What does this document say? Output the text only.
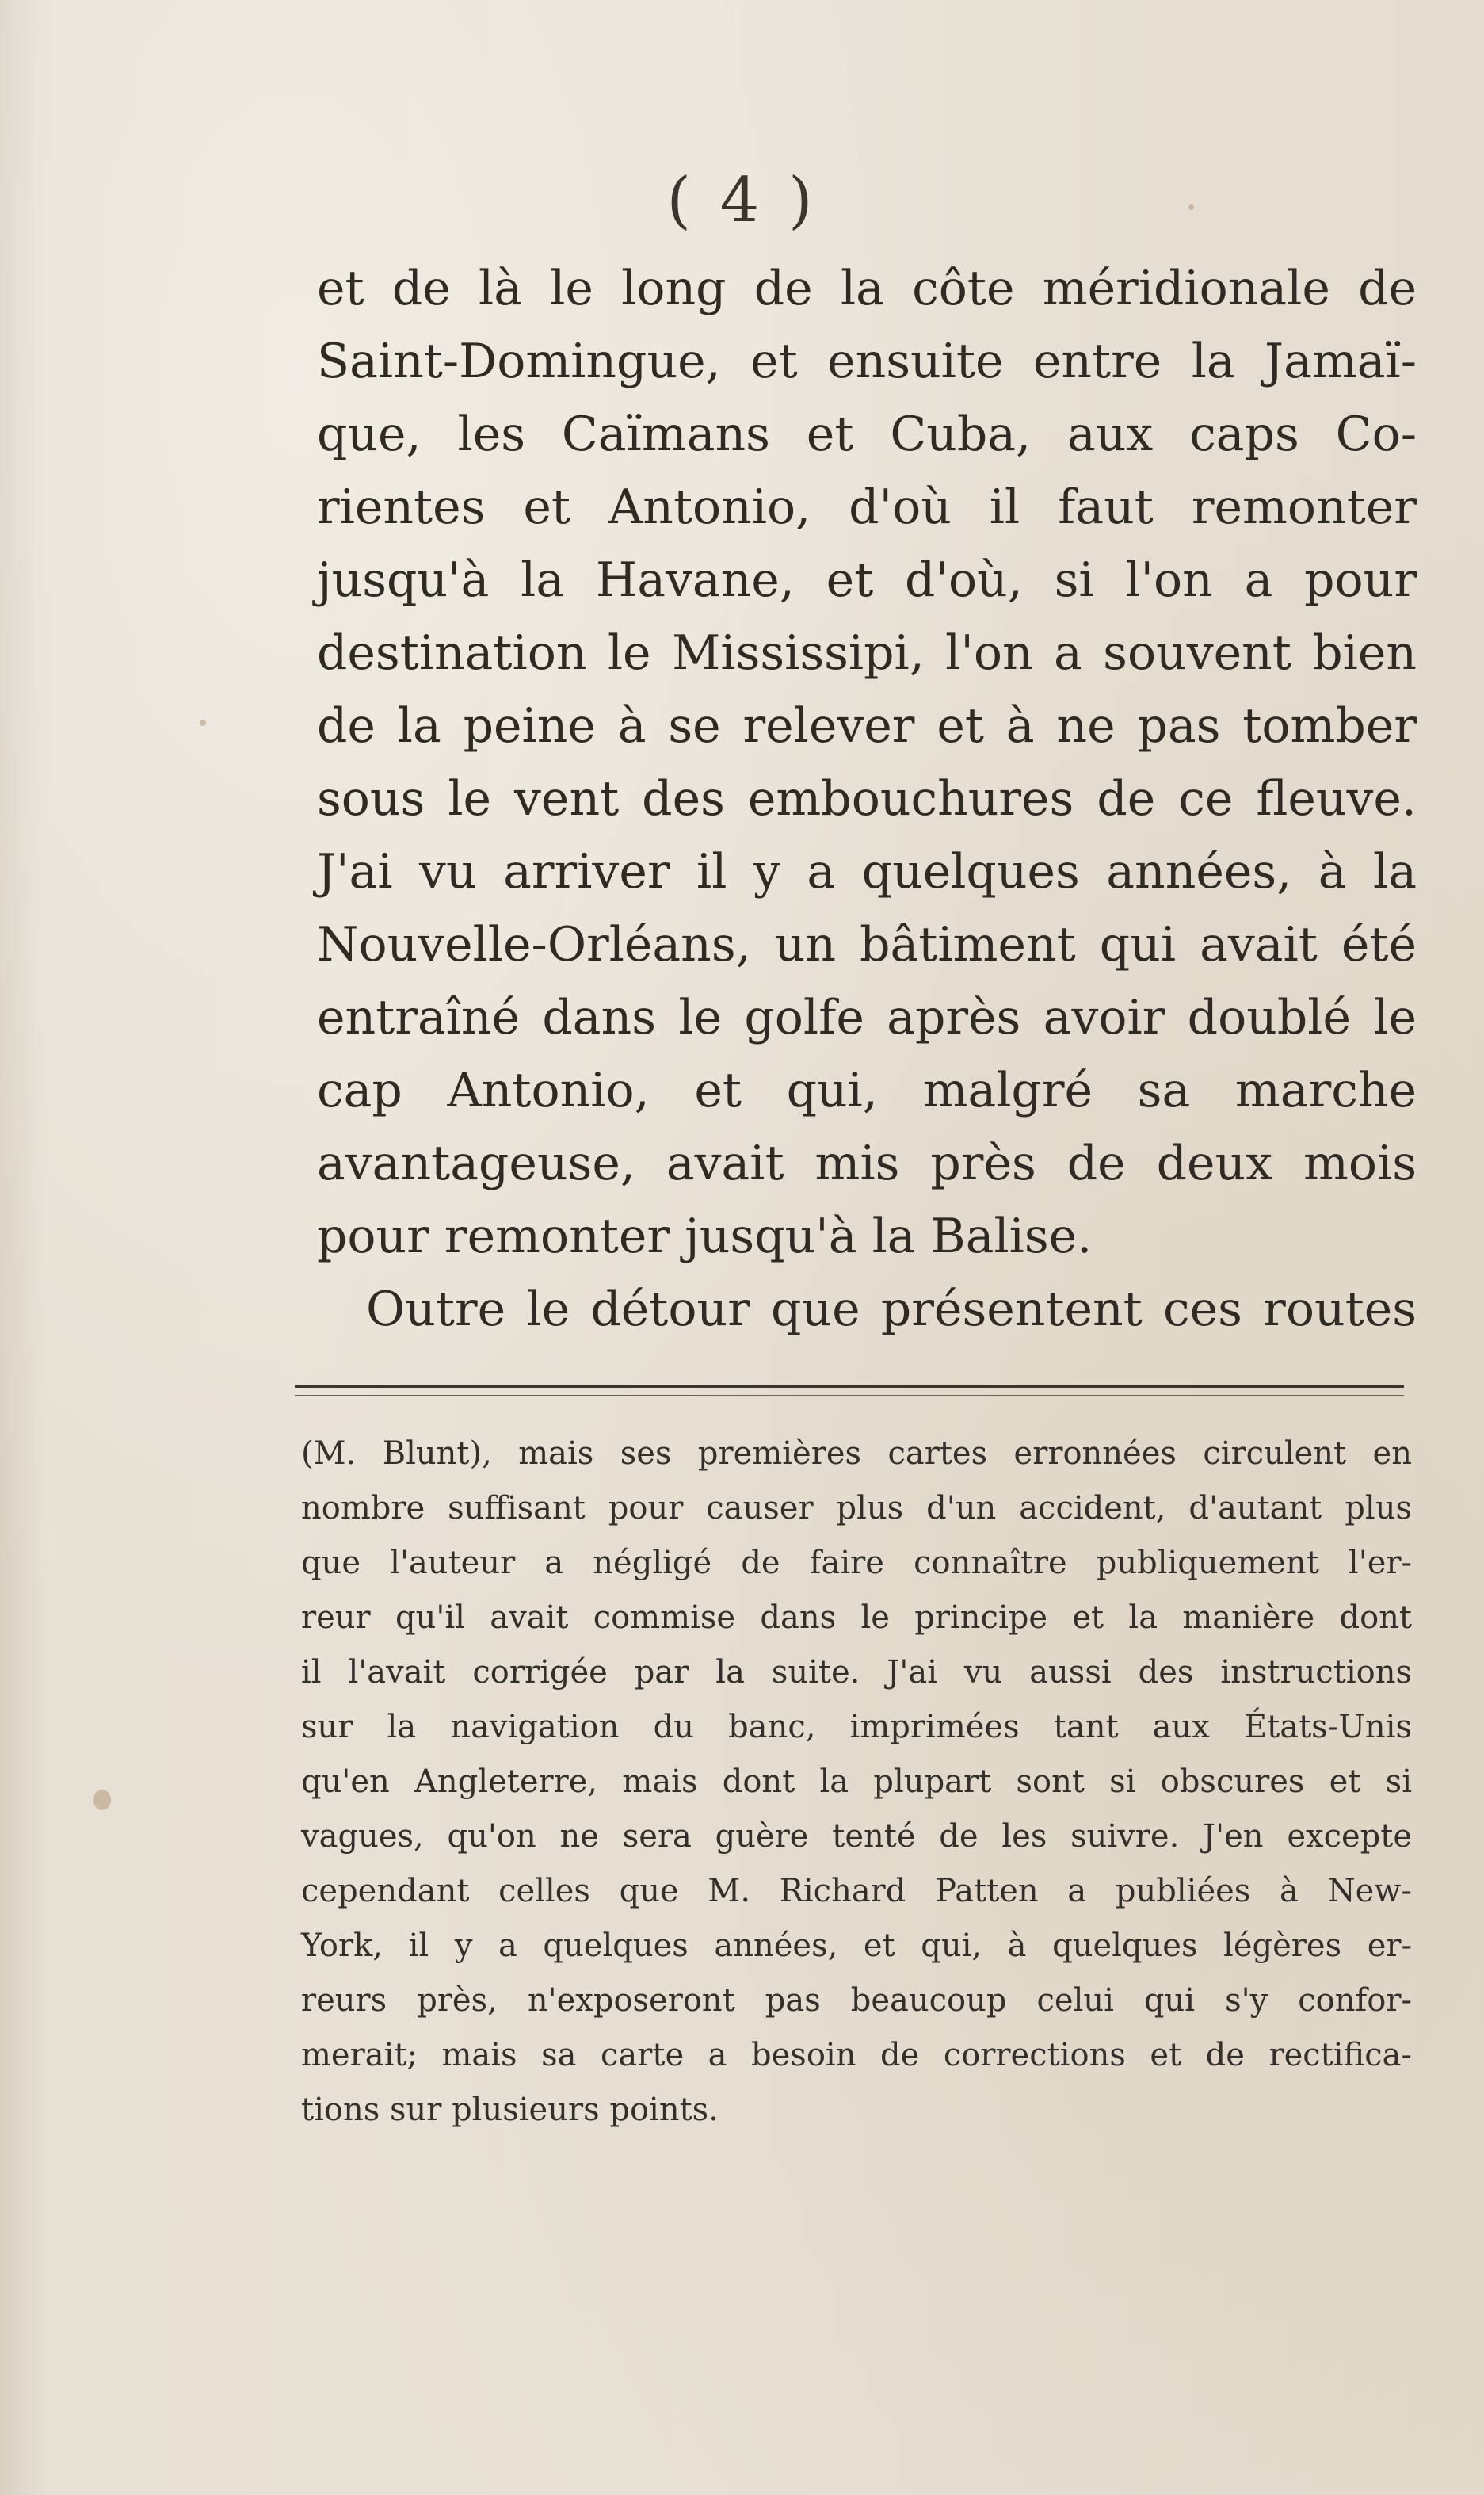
( 4 )
et de là le long de la côte méridionale de
Saint-Domingue, et ensuite entre la Jamaï-
que, les Caïmans et Cuba, aux caps Co-
rientes et Antonio, d'où il faut remonter
jusqu'à la Havane, et d'où, si l'on a pour
destination le Mississipi, l'on a souvent bien
de la peine à se relever et à ne pas tomber
sous le vent des embouchures de ce fleuve.
J'ai vu arriver il y a quelques années, à la
Nouvelle-Orléans, un bâtiment qui avait été
entraîné dans le golfe après avoir doublé le
cap Antonio, et qui, malgré sa marche
avantageuse, avait mis près de deux mois
pour remonter jusqu'à la Balise.
Outre le détour que présentent ces routes
(M. Blunt), mais ses premières cartes erronnées circulent en
nombre suffisant pour causer plus d'un accident, d'autant plus
que l'auteur a négligé de faire connaître publiquement l'er-
reur qu'il avait commise dans le principe et la manière dont
il l'avait corrigée par la suite. J'ai vu aussi des instructions
sur la navigation du banc, imprimées tant aux États-Unis
qu'en Angleterre, mais dont la plupart sont si obscures et si
vagues, qu'on ne sera guère tenté de les suivre. J'en excepte
cependant celles que M. Richard Patten a publiées à New-
York, il y a quelques années, et qui, à quelques légères er-
reurs près, n'exposeront pas beaucoup celui qui s'y confor-
merait; mais sa carte a besoin de corrections et de rectifica-
tions sur plusieurs points.
